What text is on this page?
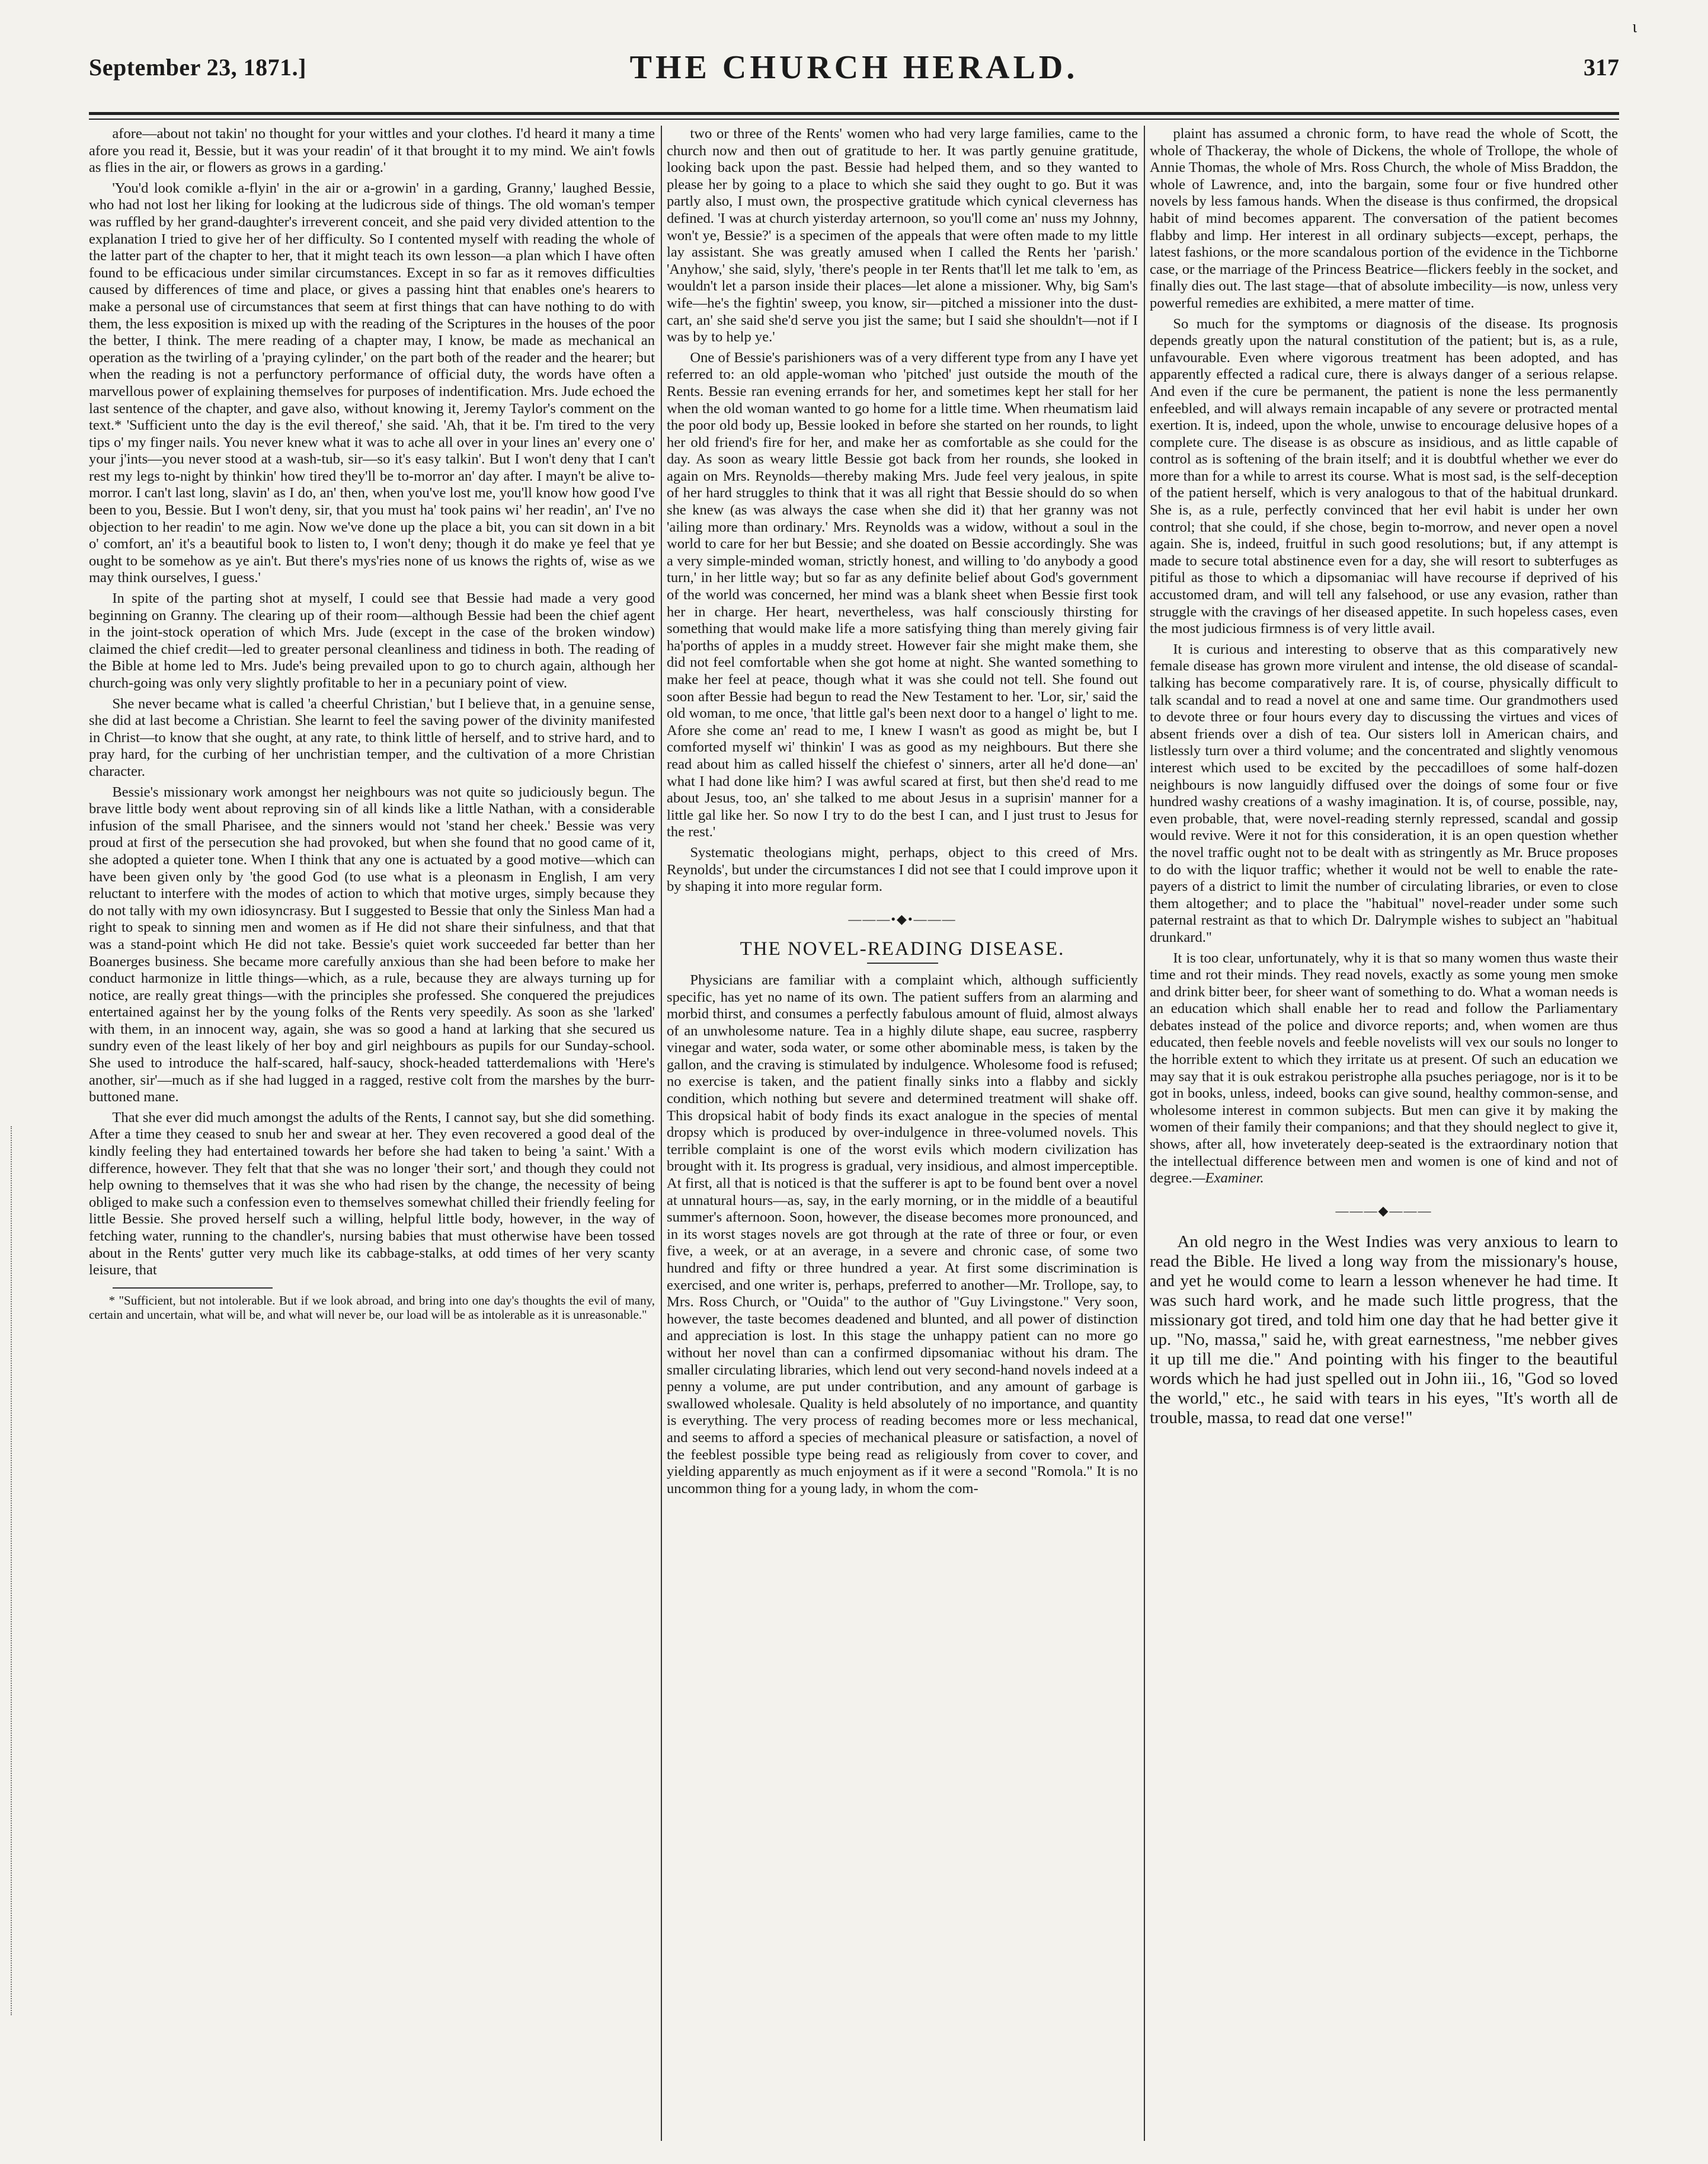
September 23, 1871.]	THE CHURCH HERALD.	317
ι

afore—about not takin' no thought for your wittles and your clothes. I'd heard it many a time afore you read it, Bessie, but it was your readin' of it that brought it to my mind. We ain't fowls as flies in the air, or flowers as grows in a garding.'

'You'd look comikle a-flyin' in the air or a-growin' in a garding, Granny,' laughed Bessie, who had not lost her liking for looking at the ludicrous side of things. The old woman's temper was ruffled by her grand-daughter's irreverent conceit, and she paid very divided attention to the explanation I tried to give her of her difficulty. So I contented myself with reading the whole of the latter part of the chapter to her, that it might teach its own lesson—a plan which I have often found to be efficacious under similar circumstances. Except in so far as it removes difficulties caused by differences of time and place, or gives a passing hint that enables one's hearers to make a personal use of circumstances that seem at first things that can have nothing to do with them, the less exposition is mixed up with the reading of the Scriptures in the houses of the poor the better, I think. The mere reading of a chapter may, I know, be made as mechanical an operation as the twirling of a 'praying cylinder,' on the part both of the reader and the hearer; but when the reading is not a perfunctory performance of official duty, the words have often a marvellous power of explaining themselves for purposes of indentification. Mrs. Jude echoed the last sentence of the chapter, and gave also, without knowing it, Jeremy Taylor's comment on the text.* 'Sufficient unto the day is the evil thereof,' she said. 'Ah, that it be. I'm tired to the very tips o' my finger nails. You never knew what it was to ache all over in your lines an' every one o' your j'ints—you never stood at a wash-tub, sir—so it's easy talkin'. But I won't deny that I can't rest my legs to-night by thinkin' how tired they'll be to-morror an' day after. I mayn't be alive to-morror. I can't last long, slavin' as I do, an' then, when you've lost me, you'll know how good I've been to you, Bessie. But I won't deny, sir, that you must ha' took pains wi' her readin', an' I've no objection to her readin' to me agin. Now we've done up the place a bit, you can sit down in a bit o' comfort, an' it's a beautiful book to listen to, I won't deny; though it do make ye feel that ye ought to be somehow as ye ain't. But there's mys'ries none of us knows the rights of, wise as we may think ourselves, I guess.'

In spite of the parting shot at myself, I could see that Bessie had made a very good beginning on Granny. The clearing up of their room—although Bessie had been the chief agent in the joint-stock operation of which Mrs. Jude (except in the case of the broken window) claimed the chief credit—led to greater personal cleanliness and tidiness in both. The reading of the Bible at home led to Mrs. Jude's being prevailed upon to go to church again, although her church-going was only very slightly profitable to her in a pecuniary point of view.

She never became what is called 'a cheerful Christian,' but I believe that, in a genuine sense, she did at last become a Christian. She learnt to feel the saving power of the divinity manifested in Christ—to know that she ought, at any rate, to think little of herself, and to strive hard, and to pray hard, for the curbing of her unchristian temper, and the cultivation of a more Christian character.

Bessie's missionary work amongst her neighbours was not quite so judiciously begun. The brave little body went about reproving sin of all kinds like a little Nathan, with a considerable infusion of the small Pharisee, and the sinners would not 'stand her cheek.' Bessie was very proud at first of the persecution she had provoked, but when she found that no good came of it, she adopted a quieter tone. When I think that any one is actuated by a good motive—which can have been given only by 'the good God (to use what is a pleonasm in English, I am very reluctant to interfere with the modes of action to which that motive urges, simply because they do not tally with my own idiosyncrasy. But I suggested to Bessie that only the Sinless Man had a right to speak to sinning men and women as if He did not share their sinfulness, and that that was a stand-point which He did not take. Bessie's quiet work succeeded far better than her Boanerges business. She became more carefully anxious than she had been before to make her conduct harmonize in little things—which, as a rule, because they are always turning up for notice, are really great things—with the principles she professed. She conquered the prejudices entertained against her by the young folks of the Rents very speedily. As soon as she 'larked' with them, in an innocent way, again, she was so good a hand at larking that she secured us sundry even of the least likely of her boy and girl neighbours as pupils for our Sunday-school. She used to introduce the half-scared, half-saucy, shock-headed tatterdemalions with 'Here's another, sir'—much as if she had lugged in a ragged, restive colt from the marshes by the burr-buttoned mane.

That she ever did much amongst the adults of the Rents, I cannot say, but she did something. After a time they ceased to snub her and swear at her. They even recovered a good deal of the kindly feeling they had entertained towards her before she had taken to being 'a saint.' With a difference, however. They felt that that she was no longer 'their sort,' and though they could not help owning to themselves that it was she who had risen by the change, the necessity of being obliged to make such a confession even to themselves somewhat chilled their friendly feeling for little Bessie. She proved herself such a willing, helpful little body, however, in the way of fetching water, running to the chandler's, nursing babies that must otherwise have been tossed about in the Rents' gutter very much like its cabbage-stalks, at odd times of her very scanty leisure, that

* "Sufficient, but not intolerable. But if we look abroad, and bring into one day's thoughts the evil of many, certain and uncertain, what will be, and what will never be, our load will be as intolerable as it is unreasonable."

two or three of the Rents' women who had very large families, came to the church now and then out of gratitude to her. It was partly genuine gratitude, looking back upon the past. Bessie had helped them, and so they wanted to please her by going to a place to which she said they ought to go. But it was partly also, I must own, the prospective gratitude which cynical cleverness has defined. 'I was at church yisterday arternoon, so you'll come an' nuss my Johnny, won't ye, Bessie?' is a specimen of the appeals that were often made to my little lay assistant. She was greatly amused when I called the Rents her 'parish.' 'Anyhow,' she said, slyly, 'there's people in ter Rents that'll let me talk to 'em, as wouldn't let a parson inside their places—let alone a missioner. Why, big Sam's wife—he's the fightin' sweep, you know, sir—pitched a missioner into the dust-cart, an' she said she'd serve you jist the same; but I said she shouldn't—not if I was by to help ye.'

One of Bessie's parishioners was of a very different type from any I have yet referred to: an old apple-woman who 'pitched' just outside the mouth of the Rents. Bessie ran evening errands for her, and sometimes kept her stall for her when the old woman wanted to go home for a little time. When rheumatism laid the poor old body up, Bessie looked in before she started on her rounds, to light her old friend's fire for her, and make her as comfortable as she could for the day. As soon as weary little Bessie got back from her rounds, she looked in again on Mrs. Reynolds—thereby making Mrs. Jude feel very jealous, in spite of her hard struggles to think that it was all right that Bessie should do so when she knew (as was always the case when she did it) that her granny was not 'ailing more than ordinary.' Mrs. Reynolds was a widow, without a soul in the world to care for her but Bessie; and she doated on Bessie accordingly. She was a very simple-minded woman, strictly honest, and willing to 'do anybody a good turn,' in her little way; but so far as any definite belief about God's government of the world was concerned, her mind was a blank sheet when Bessie first took her in charge. Her heart, nevertheless, was half consciously thirsting for something that would make life a more satisfying thing than merely giving fair ha'porths of apples in a muddy street. However fair she might make them, she did not feel comfortable when she got home at night. She wanted something to make her feel at peace, though what it was she could not tell. She found out soon after Bessie had begun to read the New Testament to her. 'Lor, sir,' said the old woman, to me once, 'that little gal's been next door to a hangel o' light to me. Afore she come an' read to me, I knew I wasn't as good as might be, but I comforted myself wi' thinkin' I was as good as my neighbours. But there she read about him as called hisself the chiefest o' sinners, arter all he'd done—an' what I had done like him? I was awful scared at first, but then she'd read to me about Jesus, too, an' she talked to me about Jesus in a suprisin' manner for a little gal like her. So now I try to do the best I can, and I just trust to Jesus for the rest.'

Systematic theologians might, perhaps, object to this creed of Mrs. Reynolds', but under the circumstances I did not see that I could improve upon it by shaping it into more regular form.

———•◆•———
THE NOVEL-READING DISEASE.

Physicians are familiar with a complaint which, although sufficiently specific, has yet no name of its own. The patient suffers from an alarming and morbid thirst, and consumes a perfectly fabulous amount of fluid, almost always of an unwholesome nature. Tea in a highly dilute shape, eau sucree, raspberry vinegar and water, soda water, or some other abominable mess, is taken by the gallon, and the craving is stimulated by indulgence. Wholesome food is refused; no exercise is taken, and the patient finally sinks into a flabby and sickly condition, which nothing but severe and determined treatment will shake off. This dropsical habit of body finds its exact analogue in the species of mental dropsy which is produced by over-indulgence in three-volumed novels. This terrible complaint is one of the worst evils which modern civilization has brought with it. Its progress is gradual, very insidious, and almost imperceptible. At first, all that is noticed is that the sufferer is apt to be found bent over a novel at unnatural hours—as, say, in the early morning, or in the middle of a beautiful summer's afternoon. Soon, however, the disease becomes more pronounced, and in its worst stages novels are got through at the rate of three or four, or even five, a week, or at an average, in a severe and chronic case, of some two hundred and fifty or three hundred a year. At first some discrimination is exercised, and one writer is, perhaps, preferred to another—Mr. Trollope, say, to Mrs. Ross Church, or "Ouida" to the author of "Guy Livingstone." Very soon, however, the taste becomes deadened and blunted, and all power of distinction and appreciation is lost. In this stage the unhappy patient can no more go without her novel than can a confirmed dipsomaniac without his dram. The smaller circulating libraries, which lend out very second-hand novels indeed at a penny a volume, are put under contribution, and any amount of garbage is swallowed wholesale. Quality is held absolutely of no importance, and quantity is everything. The very process of reading becomes more or less mechanical, and seems to afford a species of mechanical pleasure or satisfaction, a novel of the feeblest possible type being read as religiously from cover to cover, and yielding apparently as much enjoyment as if it were a second "Romola." It is no uncommon thing for a young lady, in whom the com-

plaint has assumed a chronic form, to have read the whole of Scott, the whole of Thackeray, the whole of Dickens, the whole of Trollope, the whole of Annie Thomas, the whole of Mrs. Ross Church, the whole of Miss Braddon, the whole of Lawrence, and, into the bargain, some four or five hundred other novels by less famous hands. When the disease is thus confirmed, the dropsical habit of mind becomes apparent. The conversation of the patient becomes flabby and limp. Her interest in all ordinary subjects—except, perhaps, the latest fashions, or the more scandalous portion of the evidence in the Tichborne case, or the marriage of the Princess Beatrice—flickers feebly in the socket, and finally dies out. The last stage—that of absolute imbecility—is now, unless very powerful remedies are exhibited, a mere matter of time.

So much for the symptoms or diagnosis of the disease. Its prognosis depends greatly upon the natural constitution of the patient; but is, as a rule, unfavourable. Even where vigorous treatment has been adopted, and has apparently effected a radical cure, there is always danger of a serious relapse. And even if the cure be permanent, the patient is none the less permanently enfeebled, and will always remain incapable of any severe or protracted mental exertion. It is, indeed, upon the whole, unwise to encourage delusive hopes of a complete cure. The disease is as obscure as insidious, and as little capable of control as is softening of the brain itself; and it is doubtful whether we ever do more than for a while to arrest its course. What is most sad, is the self-deception of the patient herself, which is very analogous to that of the habitual drunkard. She is, as a rule, perfectly convinced that her evil habit is under her own control; that she could, if she chose, begin to-morrow, and never open a novel again. She is, indeed, fruitful in such good resolutions; but, if any attempt is made to secure total abstinence even for a day, she will resort to subterfuges as pitiful as those to which a dipsomaniac will have recourse if deprived of his accustomed dram, and will tell any falsehood, or use any evasion, rather than struggle with the cravings of her diseased appetite. In such hopeless cases, even the most judicious firmness is of very little avail.

It is curious and interesting to observe that as this comparatively new female disease has grown more virulent and intense, the old disease of scandal-talking has become comparatively rare. It is, of course, physically difficult to talk scandal and to read a novel at one and same time. Our grandmothers used to devote three or four hours every day to discussing the virtues and vices of absent friends over a dish of tea. Our sisters loll in American chairs, and listlessly turn over a third volume; and the concentrated and slightly venomous interest which used to be excited by the peccadilloes of some half-dozen neighbours is now languidly diffused over the doings of some four or five hundred washy creations of a washy imagination. It is, of course, possible, nay, even probable, that, were novel-reading sternly repressed, scandal and gossip would revive. Were it not for this consideration, it is an open question whether the novel traffic ought not to be dealt with as stringently as Mr. Bruce proposes to do with the liquor traffic; whether it would not be well to enable the rate-payers of a district to limit the number of circulating libraries, or even to close them altogether; and to place the "habitual" novel-reader under some such paternal restraint as that to which Dr. Dalrymple wishes to subject an "habitual drunkard."

It is too clear, unfortunately, why it is that so many women thus waste their time and rot their minds. They read novels, exactly as some young men smoke and drink bitter beer, for sheer want of something to do. What a woman needs is an education which shall enable her to read and follow the Parliamentary debates instead of the police and divorce reports; and, when women are thus educated, then feeble novels and feeble novelists will vex our souls no longer to the horrible extent to which they irritate us at present. Of such an education we may say that it is ouk estrakou peristrophe alla psuches periagoge, nor is it to be got in books, unless, indeed, books can give sound, healthy common-sense, and wholesome interest in common subjects. But men can give it by making the women of their family their companions; and that they should neglect to give it, shows, after all, how inveterately deep-seated is the extraordinary notion that the intellectual difference between men and women is one of kind and not of degree.—Examiner.

———◆———

An old negro in the West Indies was very anxious to learn to read the Bible. He lived a long way from the missionary's house, and yet he would come to learn a lesson whenever he had time. It was such hard work, and he made such little progress, that the missionary got tired, and told him one day that he had better give it up. "No, massa," said he, with great earnestness, "me nebber gives it up till me die." And pointing with his finger to the beautiful words which he had just spelled out in John iii., 16, "God so loved the world," etc., he said with tears in his eyes, "It's worth all de trouble, massa, to read dat one verse!"
